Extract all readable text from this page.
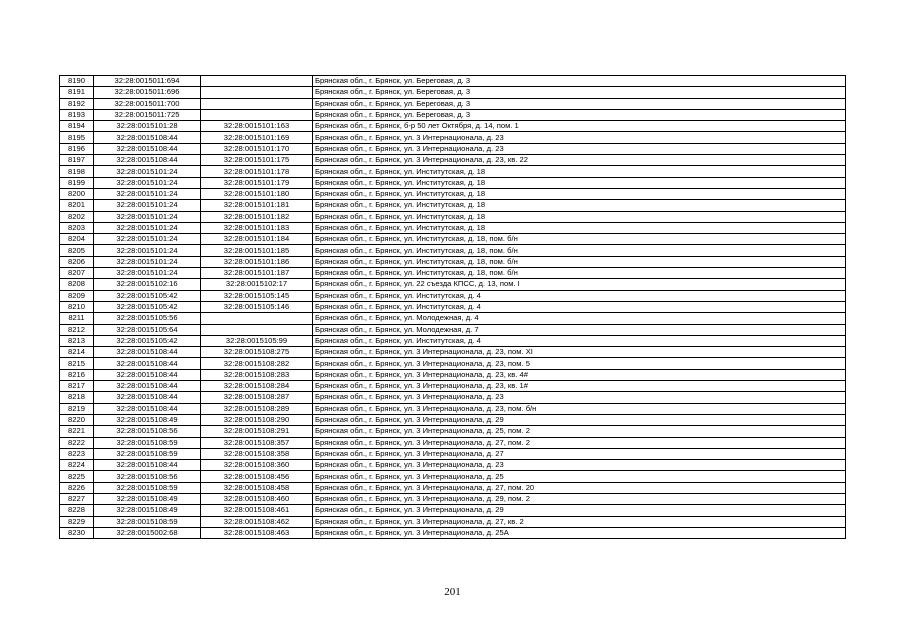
8190	32:28:0015011:694		Брянская обл., г. Брянск, ул. Береговая, д. 3
8191	32:28:0015011:696		Брянская обл., г. Брянск, ул. Береговая, д. 3
8192	32:28:0015011:700		Брянская обл., г. Брянск, ул. Береговая, д. 3
8193	32:28:0015011:725		Брянская обл., г. Брянск, ул. Береговая, д. 3
8194	32:28:0015101:28	32:28:0015101:163	Брянская обл., г. Брянск, б-р 50 лет Октября, д. 14, пом. 1
8195	32:28:0015108:44	32:28:0015101:169	Брянская обл., г. Брянск, ул. 3 Интернационала, д. 23
8196	32:28:0015108:44	32:28:0015101:170	Брянская обл., г. Брянск, ул. 3 Интернационала, д. 23
8197	32:28:0015108:44	32:28:0015101:175	Брянская обл., г. Брянск, ул. 3 Интернационала, д. 23, кв. 22
8198	32:28:0015101:24	32:28:0015101:178	Брянская обл., г. Брянск, ул. Институтская, д. 18
8199	32:28:0015101:24	32:28:0015101:179	Брянская обл., г. Брянск, ул. Институтская, д. 18
8200	32:28:0015101:24	32:28:0015101:180	Брянская обл., г. Брянск, ул. Институтская, д. 18
8201	32:28:0015101:24	32:28:0015101:181	Брянская обл., г. Брянск, ул. Институтская, д. 18
8202	32:28:0015101:24	32:28:0015101:182	Брянская обл., г. Брянск, ул. Институтская, д. 18
8203	32:28:0015101:24	32:28:0015101:183	Брянская обл., г. Брянск, ул. Институтская, д. 18
8204	32:28:0015101:24	32:28:0015101:184	Брянская обл., г. Брянск, ул. Институтская, д. 18, пом. б/н
8205	32:28:0015101:24	32:28:0015101:185	Брянская обл., г. Брянск, ул. Институтская, д. 18, пом. б/н
8206	32:28:0015101:24	32:28:0015101:186	Брянская обл., г. Брянск, ул. Институтская, д. 18, пом. б/н
8207	32:28:0015101:24	32:28:0015101:187	Брянская обл., г. Брянск, ул. Институтская, д. 18, пом. б/н
8208	32:28:0015102:16	32:28:0015102:17	Брянская обл., г. Брянск, ул. 22 съезда КПСС, д. 13, пом. I
8209	32:28:0015105:42	32:28:0015105:145	Брянская обл., г. Брянск, ул. Институтская, д. 4
8210	32:28:0015105:42	32:28:0015105:146	Брянская обл., г. Брянск, ул. Институтская, д. 4
8211	32:28:0015105:56		Брянская обл., г. Брянск, ул. Молодежная, д. 4
8212	32:28:0015105:64		Брянская обл., г. Брянск, ул. Молодежная, д. 7
8213	32:28:0015105:42	32:28:0015105:99	Брянская обл., г. Брянск, ул. Институтская, д. 4
8214	32:28:0015108:44	32:28:0015108:275	Брянская обл., г. Брянск, ул. 3 Интернационала, д. 23, пом. XI
8215	32:28:0015108:44	32:28:0015108:282	Брянская обл., г. Брянск, ул. 3 Интернационала, д. 23, пом. 5
8216	32:28:0015108:44	32:28:0015108:283	Брянская обл., г. Брянск, ул. 3 Интернационала, д. 23, кв. 4#
8217	32:28:0015108:44	32:28:0015108:284	Брянская обл., г. Брянск, ул. 3 Интернационала, д. 23, кв. 1#
8218	32:28:0015108:44	32:28:0015108:287	Брянская обл., г. Брянск, ул. 3 Интернационала, д. 23
8219	32:28:0015108:44	32:28:0015108:289	Брянская обл., г. Брянск, ул. 3 Интернационала, д. 23, пом. б/н
8220	32:28:0015108:49	32:28:0015108:290	Брянская обл., г. Брянск, ул. 3 Интернационала, д. 29
8221	32:28:0015108:56	32:28:0015108:291	Брянская обл., г. Брянск, ул. 3 Интернационала, д. 25, пом. 2
8222	32:28:0015108:59	32:28:0015108:357	Брянская обл., г. Брянск, ул. 3 Интернационала, д. 27, пом. 2
8223	32:28:0015108:59	32:28:0015108:358	Брянская обл., г. Брянск, ул. 3 Интернационала, д. 27
8224	32:28:0015108:44	32:28:0015108:360	Брянская обл., г. Брянск, ул. 3 Интернационала, д. 23
8225	32:28:0015108:56	32:28:0015108:456	Брянская обл., г. Брянск, ул. 3 Интернационала, д. 25
8226	32:28:0015108:59	32:28:0015108:458	Брянская обл., г. Брянск, ул. 3 Интернационала, д. 27, пом. 20
8227	32:28:0015108:49	32:28:0015108:460	Брянская обл., г. Брянск, ул. 3 Интернационала, д. 29, пом. 2
8228	32:28:0015108:49	32:28:0015108:461	Брянская обл., г. Брянск, ул. 3 Интернационала, д. 29
8229	32:28:0015108:59	32:28:0015108:462	Брянская обл., г. Брянск, ул. 3 Интернационала, д. 27, кв. 2
8230	32:28:0015002:68	32:28:0015108:463	Брянская обл., г. Брянск, ул. 3 Интернационала, д. 25А
201
